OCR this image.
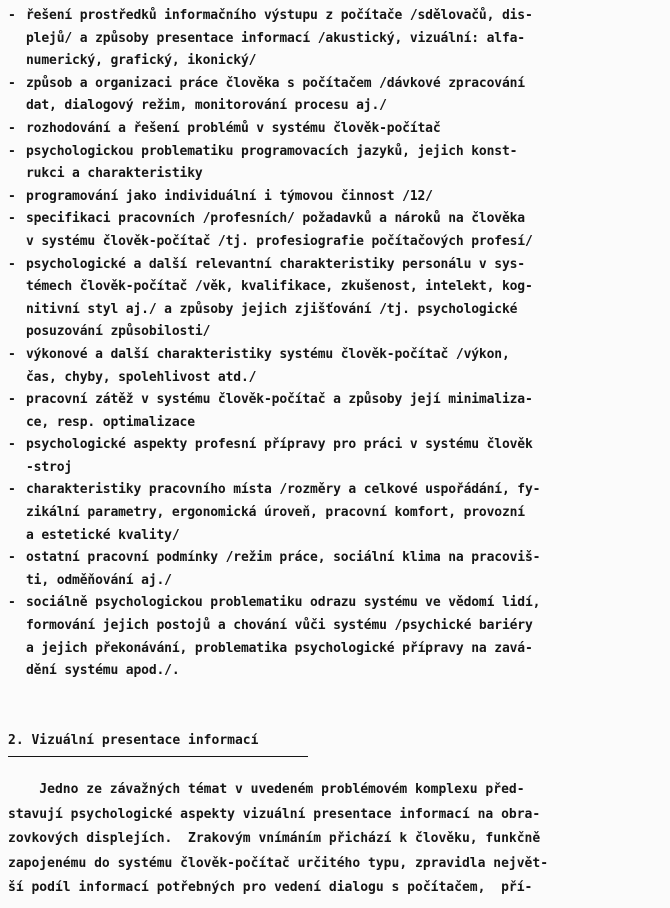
- řešení prostředků informačního výstupu z počítače /sdělovačů, dis-
plejů/ a způsoby presentace informací /akustický, vizuální: alfa-
numerický, grafický, ikonický/
- způsob a organizaci práce člověka s počítačem /dávkové zpracování
dat, dialogový režim, monitorování procesu aj./
- rozhodování a řešení problémů v systému člověk-počítač
- psychologickou problematiku programovacích jazyků, jejich konst-
rukci a charakteristiky
- programování jako individuální i týmovou činnost /12/
- specifikaci pracovních /profesních/ požadavků a nároků na člověka
v systému člověk-počítač /tj. profesiografie počítačových profesí/
- psychologické a další relevantní charakteristiky personálu v sys-
témech člověk-počítač /věk, kvalifikace, zkušenost, intelekt, kog-
nitivní styl aj./ a způsoby jejich zjišťování /tj. psychologické
posuzování způsobilosti/
- výkonové a další charakteristiky systému člověk-počítač /výkon,
čas, chyby, spolehlivost atd./
- pracovní zátěž v systému člověk-počítač a způsoby její minimaliza-
ce, resp. optimalizace
- psychologické aspekty profesní přípravy pro práci v systému člověk
-stroj
- charakteristiky pracovního místa /rozměry a celkové uspořádání, fy-
zikální parametry, ergonomická úroveň, pracovní komfort, provozní
a estetické kvality/
- ostatní pracovní podmínky /režim práce, sociální klima na pracoviš-
ti, odměňování aj./
- sociálně psychologickou problematiku odrazu systému ve vědomí lidí,
formování jejich postojů a chování vůči systému /psychické bariéry
a jejich překonávání, problematika psychologické přípravy na zavá-
dění systému apod./.
2. Vizuální presentace informací
Jedno ze závažných témat v uvedeném problémovém komplexu před-
stavují psychologické aspekty vizuální presentace informací na obra-
zovkových displejích.  Zrakovým vnímáním přichází k člověku, funkčně
zapojenému do systému člověk-počítač určitého typu, zpravidla největ-
ší podíl informací potřebných pro vedení dialogu s počítačem,  pří-
